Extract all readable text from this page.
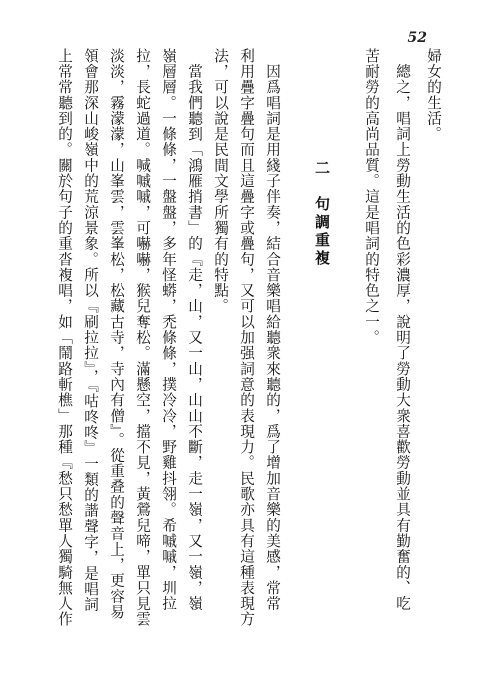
52
婦女的生活。
　總之，唱詞上勞動生活的色彩濃厚，說明了勞動大衆喜歡勞動並具有勤奮的、吃
苦耐勞的高尚品質。這是唱詞的特色之一。
二　句調重複
　因爲唱詞是用綫子伴奏，結合音樂唱給聽衆來聽的，爲了增加音樂的美感，常常
利用疊字疊句而且這疊字或疊句，又可以加强詞意的表現力。民歌亦具有這種表現方
法，可以說是民間文學所獨有的特點。
　當我們聽到「鴻雁捎書」的『走，山，又一山，山山不斷，走一嶺，又一嶺，嶺
嶺層層。一條條，一盤盤，多年怪蟒，禿條條，撲冷冷，野雞抖翎。希嘁嘁，圳拉
拉，長蛇過道。喊嘁嘁，可嚇嚇，猴兒奪松。滿懸空，擋不見，黃鶯兒啼，單只見雲
淡淡，霧濛濛，山峯雲，雲峯松，松藏古寺，寺內有僧』。從重叠的聲音上，更容易
領會那深山峻嶺中的荒涼景象。所以『刷拉拉』，『咕咚咚』一類的諧聲字，是唱詞
上常常聽到的。關於句子的重沓複唱，如「鬧路斬樵」那種『愁只愁單人獨騎無人作
